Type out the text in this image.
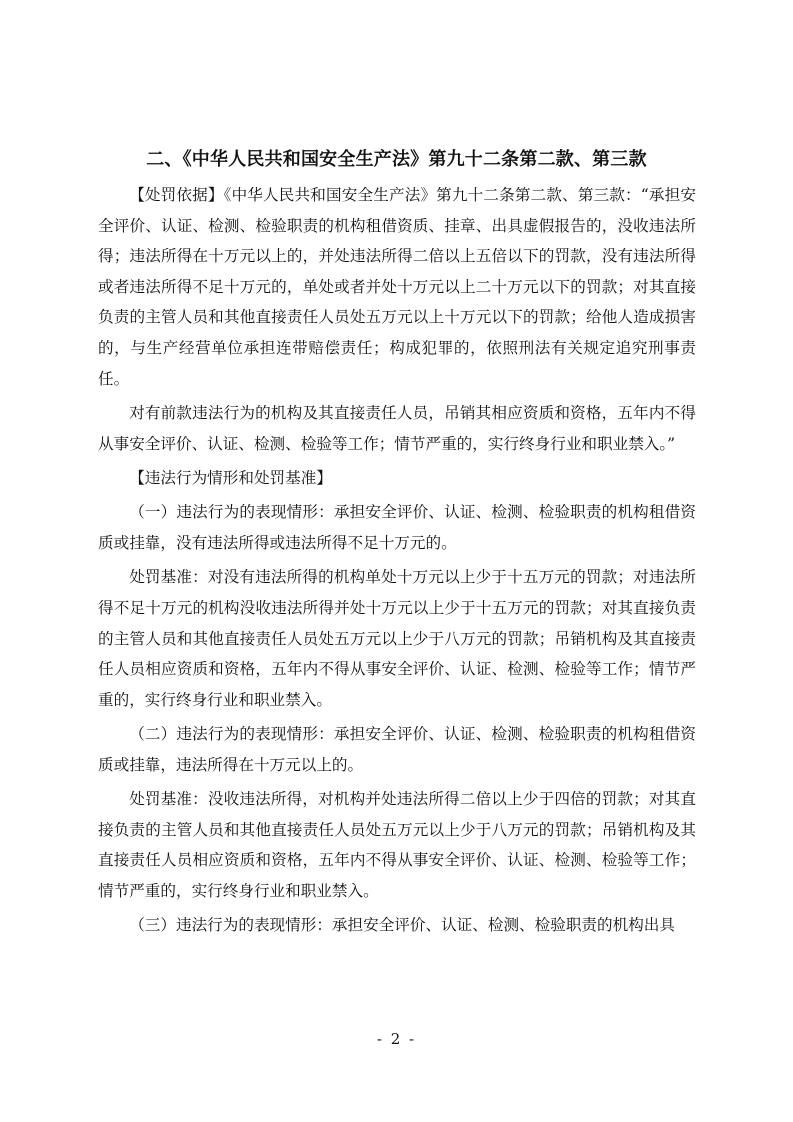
二、《中华人民共和国安全生产法》第九十二条第二款、第三款

【处罚依据】《中华人民共和国安全生产法》第九十二条第二款、第三款：“承担安全评价、认证、检测、检验职责的机构租借资质、挂章、出具虚假报告的，没收违法所得；违法所得在十万元以上的，并处违法所得二倍以上五倍以下的罚款，没有违法所得或者违法所得不足十万元的，单处或者并处十万元以上二十万元以下的罚款；对其直接负责的主管人员和其他直接责任人员处五万元以上十万元以下的罚款；给他人造成损害的，与生产经营单位承担连带赔偿责任；构成犯罪的，依照刑法有关规定追究刑事责任。

对有前款违法行为的机构及其直接责任人员，吊销其相应资质和资格，五年内不得从事安全评价、认证、检测、检验等工作；情节严重的，实行终身行业和职业禁入。”

【违法行为情形和处罚基准】

（一）违法行为的表现情形：承担安全评价、认证、检测、检验职责的机构租借资质或挂靠，没有违法所得或违法所得不足十万元的。

处罚基准：对没有违法所得的机构单处十万元以上少于十五万元的罚款；对违法所得不足十万元的机构没收违法所得并处十万元以上少于十五万元的罚款；对其直接负责的主管人员和其他直接责任人员处五万元以上少于八万元的罚款；吊销机构及其直接责任人员相应资质和资格，五年内不得从事安全评价、认证、检测、检验等工作；情节严重的，实行终身行业和职业禁入。

（二）违法行为的表现情形：承担安全评价、认证、检测、检验职责的机构租借资质或挂靠，违法所得在十万元以上的。

处罚基准：没收违法所得，对机构并处违法所得二倍以上少于四倍的罚款；对其直接负责的主管人员和其他直接责任人员处五万元以上少于八万元的罚款；吊销机构及其直接责任人员相应资质和资格，五年内不得从事安全评价、认证、检测、检验等工作；情节严重的，实行终身行业和职业禁入。

（三）违法行为的表现情形：承担安全评价、认证、检测、检验职责的机构出具

- 2 -
